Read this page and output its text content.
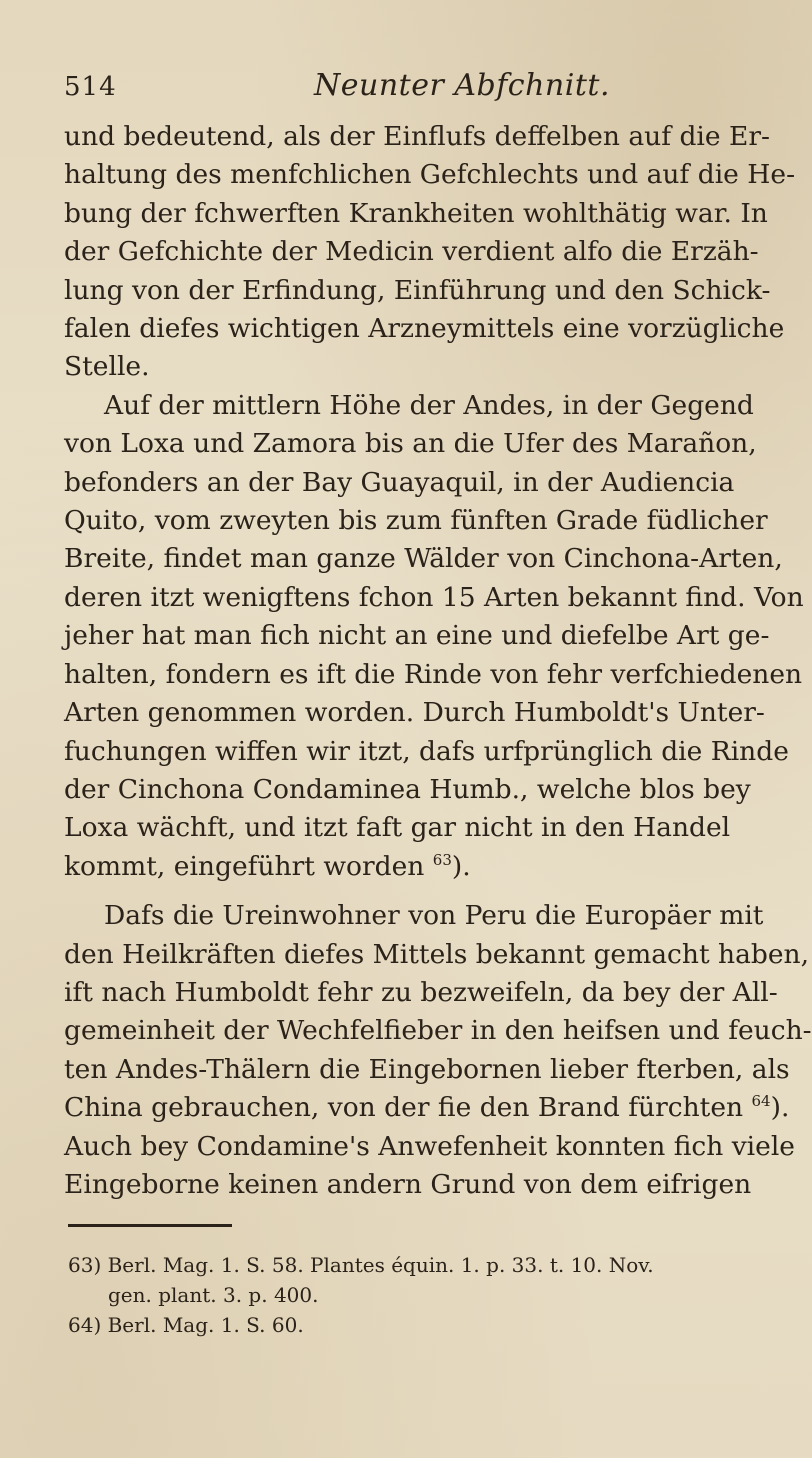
514	Neunter Abfchnitt.

und bedeutend, als der Einflufs deffelben auf die Er-
haltung des menfchlichen Gefchlechts und auf die He-
bung der fchwerften Krankheiten wohlthätig war. In
der Gefchichte der Medicin verdient alfo die Erzäh-
lung von der Erfindung, Einführung und den Schick-
falen diefes wichtigen Arzneymittels eine vorzügliche
Stelle.

Auf der mittlern Höhe der Andes, in der Gegend
von Loxa und Zamora bis an die Ufer des Marañon,
befonders an der Bay Guayaquil, in der Audiencia
Quito, vom zweyten bis zum fünften Grade füdlicher
Breite, findet man ganze Wälder von Cinchona-Arten,
deren itzt wenigftens fchon 15 Arten bekannt find. Von
jeher hat man fich nicht an eine und diefelbe Art ge-
halten, fondern es ift die Rinde von fehr verfchiedenen
Arten genommen worden. Durch Humboldt's Unter-
fuchungen wiffen wir itzt, dafs urfprünglich die Rinde
der Cinchona Condaminea Humb., welche blos bey
Loxa wächft, und itzt faft gar nicht in den Handel
kommt, eingeführt worden $^{63}$).

Dafs die Ureinwohner von Peru die Europäer mit
den Heilkräften diefes Mittels bekannt gemacht haben,
ift nach Humboldt fehr zu bezweifeln, da bey der All-
gemeinheit der Wechfelfieber in den heifsen und feuch-
ten Andes-Thälern die Eingebornen lieber fterben, als
China gebrauchen, von der fie den Brand fürchten $^{64}$).
Auch bey Condamine's Anwefenheit konnten fich viele
Eingeborne keinen andern Grund von dem eifrigen

63) Berl. Mag. 1. S. 58. Plantes équin. 1. p. 33. t. 10. Nov.
gen. plant. 3. p. 400.
64) Berl. Mag. 1. S. 60.
